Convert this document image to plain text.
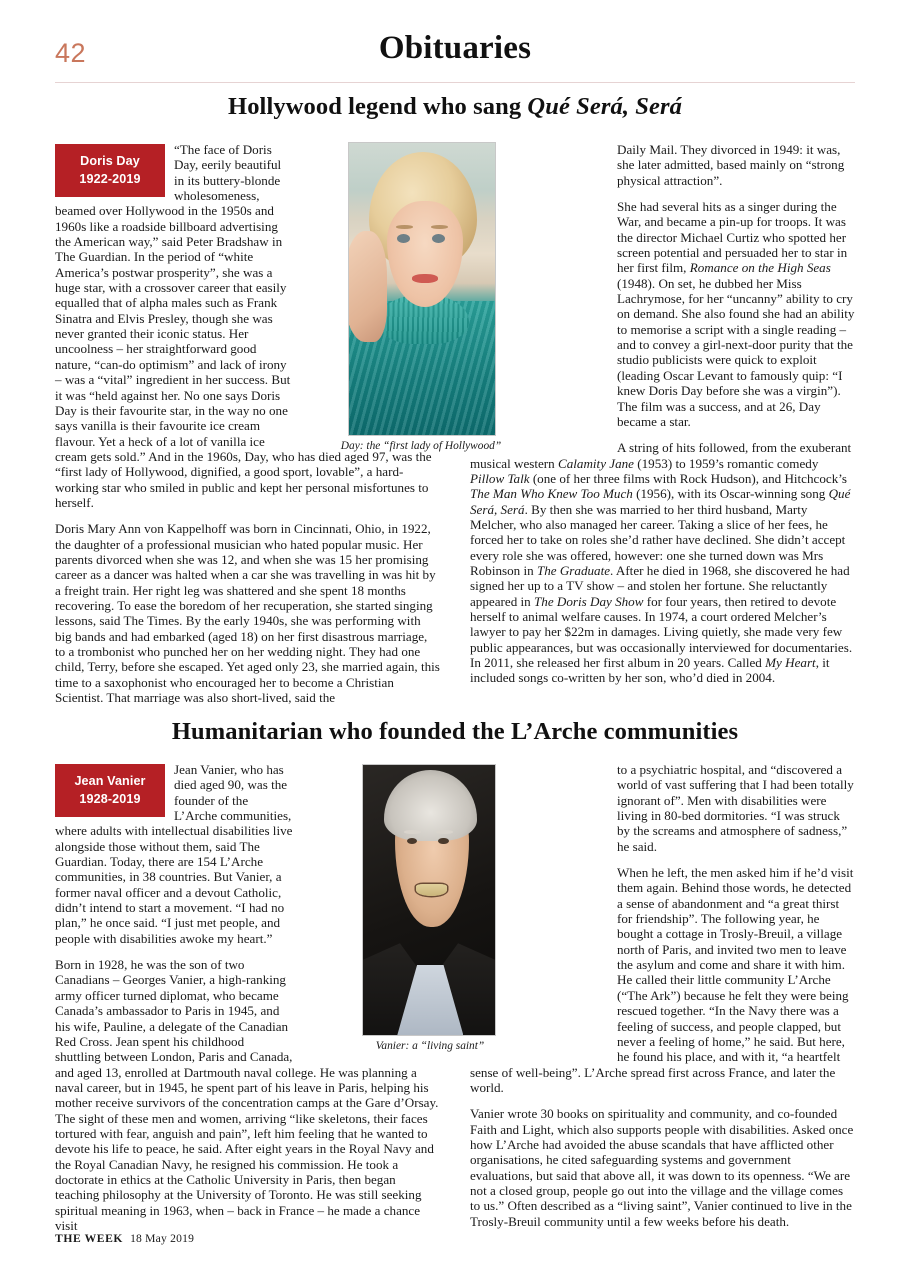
42	Obituaries
Hollywood legend who sang Qué Será, Será
Doris Day
1922-2019

“The face of Doris Day, eerily beautiful in its buttery-blonde wholesomeness, beamed over Hollywood in the 1950s and 1960s like a roadside billboard advertising the American way,” said Peter Bradshaw in The Guardian. In the period of “white America’s postwar prosperity”, she was a huge star, with a crossover career that easily equalled that of alpha males such as Frank Sinatra and Elvis Presley, though she was never granted their iconic status. Her uncoolness – her straightforward good nature, “can-do optimism” and lack of irony – was a “vital” ingredient in her success. But it was “held against her. No one says Doris Day is their favourite star, in the way no one says vanilla is their favourite ice cream flavour. Yet a heck of a lot of vanilla ice cream gets sold.” And in the 1960s, Day, who has died aged 97, was the “first lady of Hollywood, dignified, a good sport, lovable”, a hard-working star who smiled in public and kept her personal misfortunes to herself.

Doris Mary Ann von Kappelhoff was born in Cincinnati, Ohio, in 1922, the daughter of a professional musician who hated popular music. Her parents divorced when she was 12, and when she was 15 her promising career as a dancer was halted when a car she was travelling in was hit by a freight train. Her right leg was shattered and she spent 18 months recovering. To ease the boredom of her recuperation, she started singing lessons, said The Times. By the early 1940s, she was performing with big bands and had embarked (aged 18) on her first disastrous marriage, to a trombonist who punched her on her wedding night. They had one child, Terry, before she escaped. Yet aged only 23, she married again, this time to a saxophonist who encouraged her to become a Christian Scientist. That marriage was also short-lived, said the

Daily Mail. They divorced in 1949: it was, she later admitted, based mainly on “strong physical attraction”.

She had several hits as a singer during the War, and became a pin-up for troops. It was the director Michael Curtiz who spotted her screen potential and persuaded her to star in her first film, Romance on the High Seas (1948). On set, he dubbed her Miss Lachrymose, for her “uncanny” ability to cry on demand. She also found she had an ability to memorise a script with a single reading – and to convey a girl-next-door purity that the studio publicists were quick to exploit (leading Oscar Levant to famously quip: “I knew Doris Day before she was a virgin”). The film was a success, and at 26, Day became a star.

A string of hits followed, from the exuberant musical western Calamity Jane (1953) to 1959’s romantic comedy Pillow Talk (one of her three films with Rock Hudson), and Hitchcock’s The Man Who Knew Too Much (1956), with its Oscar-winning song Qué Será, Será. By then she was married to her third husband, Marty Melcher, who also managed her career. Taking a slice of her fees, he forced her to take on roles she’d rather have declined. She didn’t accept every role she was offered, however: one she turned down was Mrs Robinson in The Graduate. After he died in 1968, she discovered he had signed her up to a TV show – and stolen her fortune. She reluctantly appeared in The Doris Day Show for four years, then retired to devote herself to animal welfare causes. In 1974, a court ordered Melcher’s lawyer to pay her $22m in damages. Living quietly, she made very few public appearances, but was occasionally interviewed for documentaries. In 2011, she released her first album in 20 years. Called My Heart, it included songs co-written by her son, who’d died in 2004.

Day: the “first lady of Hollywood”
Humanitarian who founded the L’Arche communities
Jean Vanier
1928-2019

Jean Vanier, who has died aged 90, was the founder of the L’Arche communities, where adults with intellectual disabilities live alongside those without them, said The Guardian. Today, there are 154 L’Arche communities, in 38 countries. But Vanier, a former naval officer and a devout Catholic, didn’t intend to start a movement. “I had no plan,” he once said. “I just met people, and people with disabilities awoke my heart.”

Born in 1928, he was the son of two Canadians – Georges Vanier, a high-ranking army officer turned diplomat, who became Canada’s ambassador to Paris in 1945, and his wife, Pauline, a delegate of the Canadian Red Cross. Jean spent his childhood shuttling between London, Paris and Canada, and aged 13, enrolled at Dartmouth naval college. He was planning a naval career, but in 1945, he spent part of his leave in Paris, helping his mother receive survivors of the concentration camps at the Gare d’Orsay. The sight of these men and women, arriving “like skeletons, their faces tortured with fear, anguish and pain”, left him feeling that he wanted to devote his life to peace, he said. After eight years in the Royal Navy and the Royal Canadian Navy, he resigned his commission. He took a doctorate in ethics at the Catholic University in Paris, then began teaching philosophy at the University of Toronto. He was still seeking spiritual meaning in 1963, when – back in France – he made a chance visit

to a psychiatric hospital, and “discovered a world of vast suffering that I had been totally ignorant of”. Men with disabilities were living in 80-bed dormitories. “I was struck by the screams and atmosphere of sadness,” he said.

When he left, the men asked him if he’d visit them again. Behind those words, he detected a sense of abandonment and “a great thirst for friendship”. The following year, he bought a cottage in Trosly-Breuil, a village north of Paris, and invited two men to leave the asylum and come and share it with him. He called their little community L’Arche (“The Ark”) because he felt they were being rescued together. “In the Navy there was a feeling of success, and people clapped, but never a feeling of home,” he said. But here, he found his place, and with it, “a heartfelt sense of well-being”. L’Arche spread first across France, and later the world.

Vanier wrote 30 books on spirituality and community, and co-founded Faith and Light, which also supports people with disabilities. Asked once how L’Arche had avoided the abuse scandals that have afflicted other organisations, he cited safeguarding systems and government evaluations, but said that above all, it was down to its openness. “We are not a closed group, people go out into the village and the village comes to us.” Often described as a “living saint”, Vanier continued to live in the Trosly-Breuil community until a few weeks before his death.

Vanier: a “living saint”
THE WEEK 18 May 2019
